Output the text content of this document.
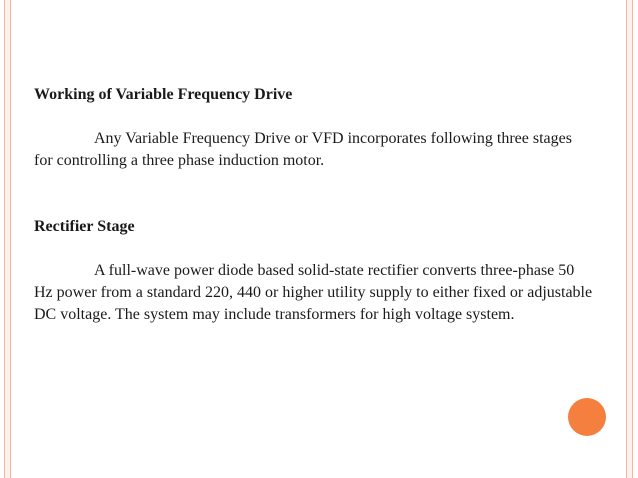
Working of Variable Frequency Drive

Any Variable Frequency Drive or VFD incorporates following three stages for controlling a three phase induction motor.

Rectifier Stage

A full-wave power diode based solid-state rectifier converts three-phase 50 Hz power from a standard 220, 440 or higher utility supply to either fixed or adjustable DC voltage. The system may include transformers for high voltage system.
